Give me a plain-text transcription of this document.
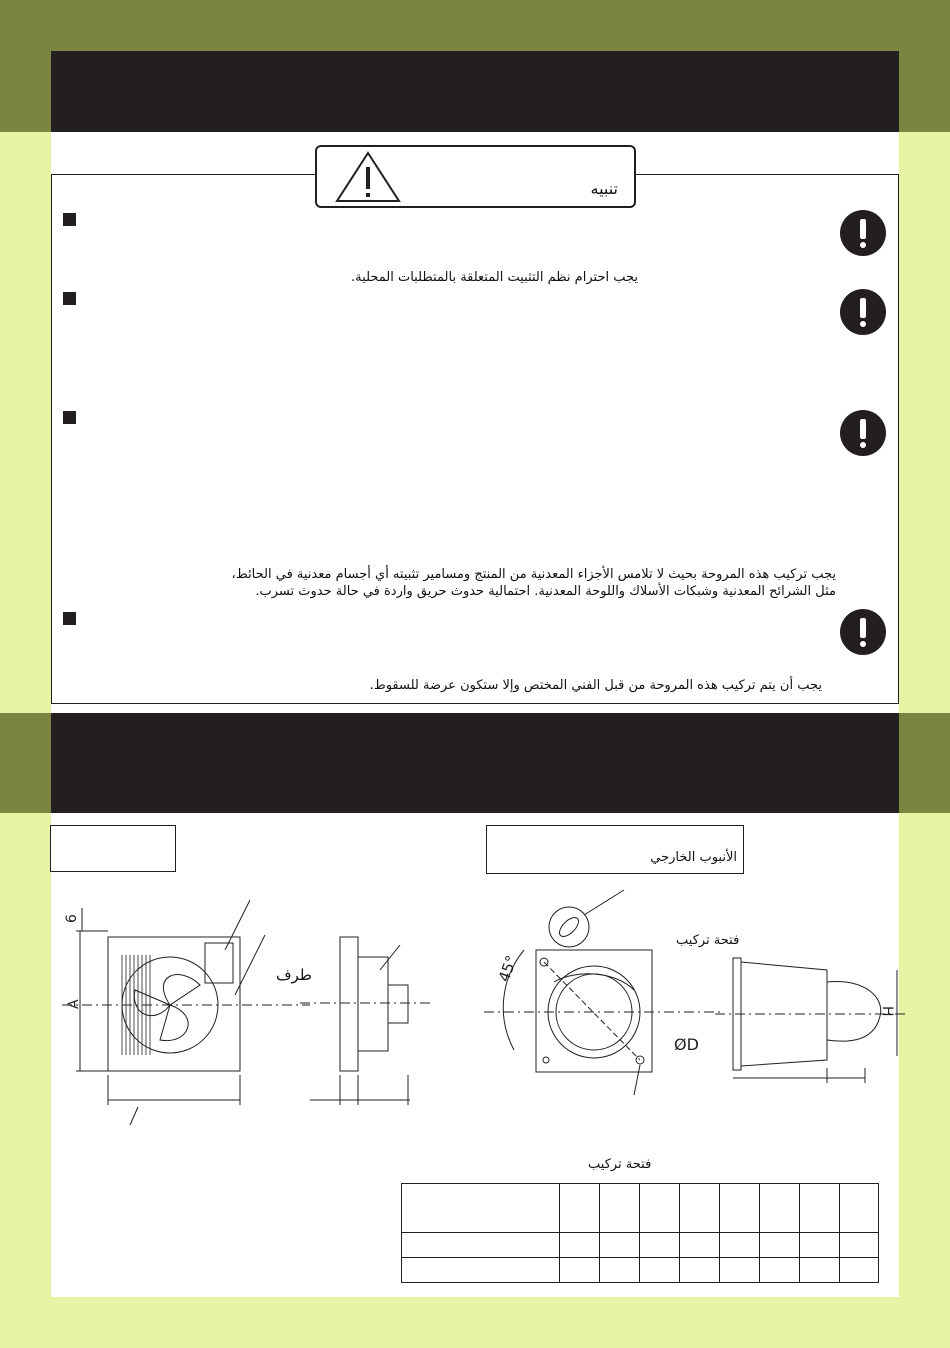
تنبيه
يجب احترام نظم التثبيت المتعلقة بالمتطلبات المحلية.
يجب تركيب هذه المروحة بحيث لا تلامس الأجزاء المعدنية من المنتج ومسامير تثبيته أي أجسام معدنية في الحائط، مثل الشرائح المعدنية وشبكات الأسلاك واللوحة المعدنية. احتمالية حدوث حريق واردة في حالة حدوث تسرب.
يجب أن يتم تركيب هذه المروحة من قبل الفني المختص وإلا ستكون عرضة للسقوط.
الأنبوب الخارجي
6
A
طرف	45°
ØD
فتحة تركيب
H
فتحة تركيب
